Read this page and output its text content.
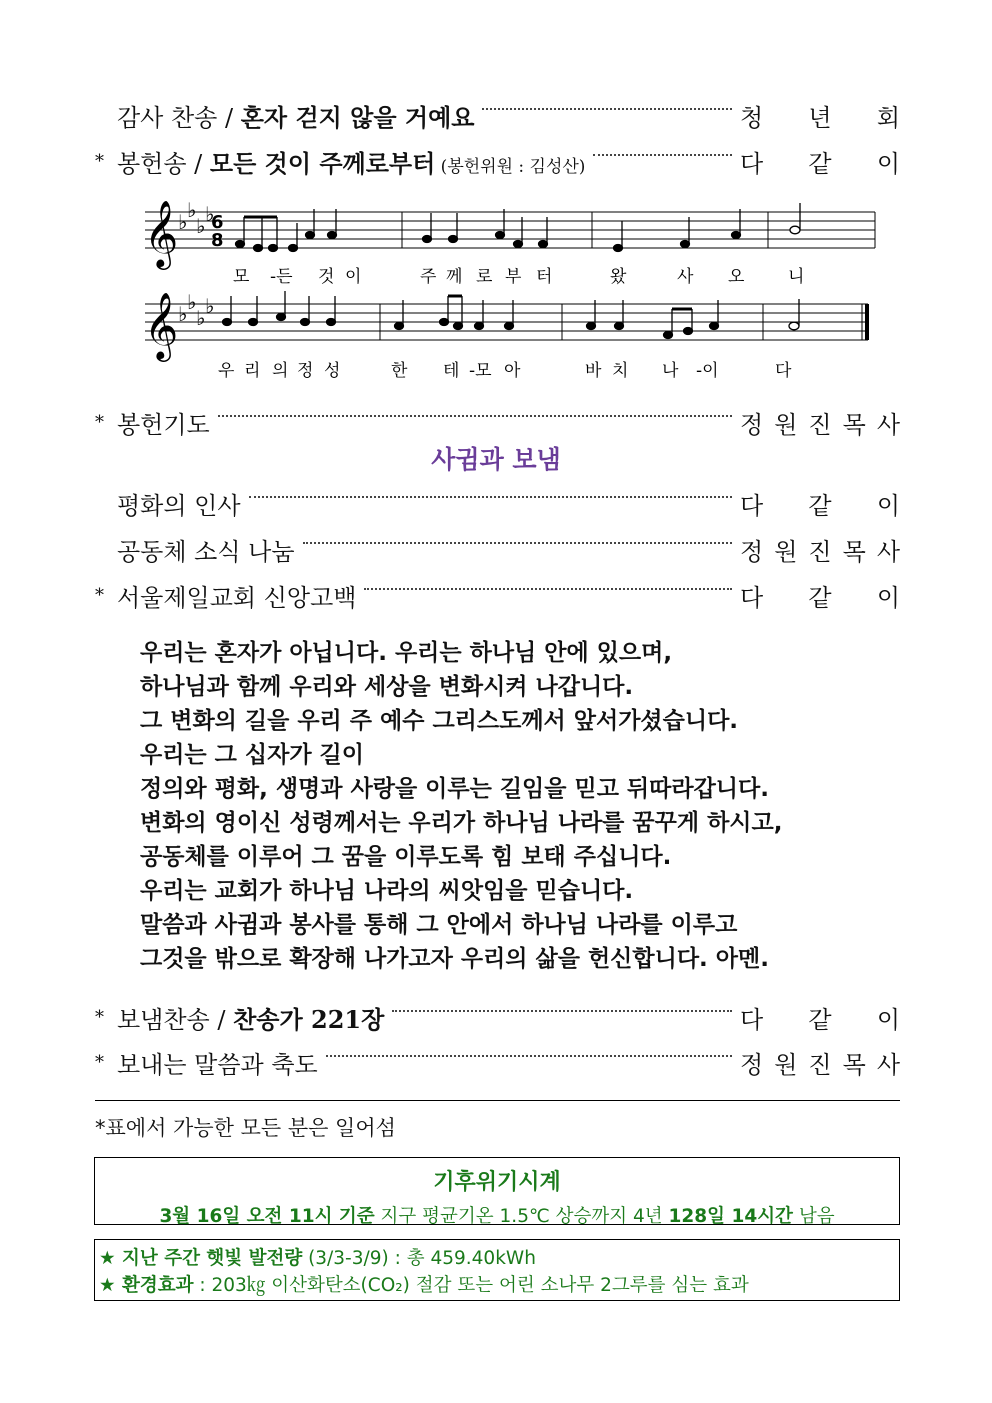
감사 찬송 / 혼자 걷지 않을 거예요	청 년 회
* 봉헌송 / 모든 것이 주께로부터 (봉헌위원 : 김성산)	다 같 이
𝄞 ♭ ♭
♭ ♭
6
8
모 -든 것 이	주 께 로 부 터	왔	사 오	니
𝄞 ♭ ♭
♭ ♭
우 리 의 정 성	한 테 -모 아	바 치 나 -이	다
* 봉헌기도	정 원 진 목 사
사귐과 보냄
평화의 인사	다 같 이
공동체 소식 나눔	정 원 진 목 사
* 서울제일교회 신앙고백	다 같 이
우리는 혼자가 아닙니다. 우리는 하나님 안에 있으며,
하나님과 함께 우리와 세상을 변화시켜 나갑니다.
그 변화의 길을 우리 주 예수 그리스도께서 앞서가셨습니다.
우리는 그 십자가 길이
정의와 평화, 생명과 사랑을 이루는 길임을 믿고 뒤따라갑니다.
변화의 영이신 성령께서는 우리가 하나님 나라를 꿈꾸게 하시고,
공동체를 이루어 그 꿈을 이루도록 힘 보태 주십니다.
우리는 교회가 하나님 나라의 씨앗임을 믿습니다.
말씀과 사귐과 봉사를 통해 그 안에서 하나님 나라를 이루고
그것을 밖으로 확장해 나가고자 우리의 삶을 헌신합니다. 아멘.
* 보냄찬송 / 찬송가 221장	다 같 이
* 보내는 말씀과 축도	정 원 진 목 사
*표에서 가능한 모든 분은 일어섬
기후위기시계
3월 16일 오전 11시 기준 지구 평균기온 1.5℃ 상승까지 4년 128일 14시간 남음
★ 지난 주간 햇빛 발전량 (3/3-3/9) : 총 459.40kWh
★ 환경효과 : 203㎏ 이산화탄소(CO₂) 절감 또는 어린 소나무 2그루를 심는 효과
